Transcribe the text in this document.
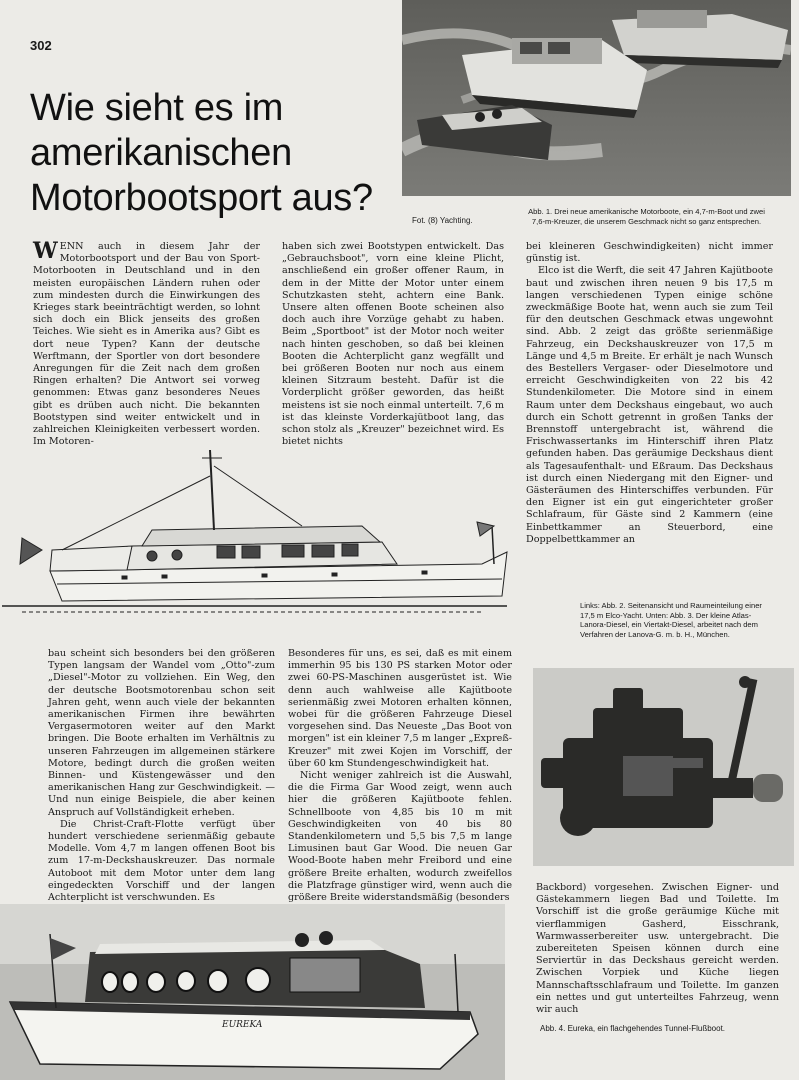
302
Wie sieht es im amerikanischen Motorbootsport aus?
Fot. (8) Yachting.
Abb. 1. Drei neue amerikanische Motorboote, ein 4,7-m-Boot und zwei 7,6-m-Kreuzer, die unserem Geschmack nicht so ganz entsprechen.

WENN auch in diesem Jahr der Motorbootsport und der Bau von Sport-Motorbooten in Deutschland und in den meisten europäischen Ländern ruhen oder zum mindesten durch die Einwirkungen des Krieges stark beeinträchtigt werden, so lohnt sich doch ein Blick jenseits des großen Teiches. Wie sieht es in Amerika aus? Gibt es dort neue Typen? Kann der deutsche Werftmann, der Sportler von dort besondere Anregungen für die Zeit nach dem großen Ringen erhalten? Die Antwort sei vorweg genommen: Etwas ganz besonderes Neues gibt es drüben auch nicht. Die bekannten Bootstypen sind weiter entwickelt und in zahlreichen Kleinigkeiten verbessert worden. Im Motoren-

haben sich zwei Bootstypen entwickelt. Das „Gebrauchsboot", vorn eine kleine Plicht, anschließend ein großer offener Raum, in dem in der Mitte der Motor unter einem Schutzkasten steht, achtern eine Bank. Unsere alten offenen Boote scheinen also doch auch ihre Vorzüge gehabt zu haben. Beim „Sportboot" ist der Motor noch weiter nach hinten geschoben, so daß bei kleinen Booten die Achterplicht ganz wegfällt und bei größeren Booten nur noch aus einem kleinen Sitzraum besteht. Dafür ist die Vorderplicht größer geworden, das heißt meistens ist sie noch einmal unterteilt. 7,6 m ist das kleinste Vorderkajütboot lang, das schon stolz als „Kreuzer" bezeichnet wird. Es bietet nichts

bei kleineren Geschwindigkeiten) nicht immer günstig ist.

Elco ist die Werft, die seit 47 Jahren Kajütboote baut und zwischen ihren neuen 9 bis 17,5 m langen verschiedenen Typen einige schöne zweckmäßige Boote hat, wenn auch sie zum Teil für den deutschen Geschmack etwas ungewohnt sind. Abb. 2 zeigt das größte serienmäßige Fahrzeug, ein Deckshauskreuzer von 17,5 m Länge und 4,5 m Breite. Er erhält je nach Wunsch des Bestellers Vergaser- oder Dieselmotore und erreicht Geschwindigkeiten von 22 bis 42 Stundenkilometer. Die Motore sind in einem Raum unter dem Deckshaus eingebaut, wo auch durch ein Schott getrennt in großen Tanks der Brennstoff untergebracht ist, während die Frischwassertanks im Hinterschiff ihren Platz gefunden haben. Das geräumige Deckshaus dient als Tagesaufenthalt- und Eßraum. Das Deckshaus ist durch einen Niedergang mit den Eigner- und Gästeräumen des Hinterschiffes verbunden. Für den Eigner ist ein gut eingerichteter großer Schlafraum, für Gäste sind 2 Kammern (eine Einbettkammer an Steuerbord, eine Doppelbettkammer an

Links: Abb. 2. Seitenansicht und Raumeinteilung einer 17,5 m Elco-Yacht. Unten: Abb. 3. Der kleine Atlas-Lanora-Diesel, ein Viertakt-Diesel, arbeitet nach dem Verfahren der Lanova-G. m. b. H., München.

bau scheint sich besonders bei den größeren Typen langsam der Wandel vom „Otto"-zum „Diesel"-Motor zu vollziehen. Ein Weg, den der deutsche Bootsmotorenbau schon seit Jahren geht, wenn auch viele der bekannten amerikanischen Firmen ihre bewährten Vergasermotoren weiter auf den Markt bringen. Die Boote erhalten im Verhältnis zu unseren Fahrzeugen im allgemeinen stärkere Motore, bedingt durch die großen weiten Binnen- und Küstengewässer und den amerikanischen Hang zur Geschwindigkeit. — Und nun einige Beispiele, die aber keinen Anspruch auf Vollständigkeit erheben.

Die Christ-Craft-Flotte verfügt über hundert verschiedene serienmäßig gebaute Modelle. Vom 4,7 m langen offenen Boot bis zum 17-m-Deckshauskreuzer. Das normale Autoboot mit dem Motor unter dem lang eingedeckten Vorschiff und der langen Achterplicht ist verschwunden. Es

Besonderes für uns, es sei, daß es mit einem immerhin 95 bis 130 PS starken Motor oder zwei 60-PS-Maschinen ausgerüstet ist. Wie denn auch wahlweise alle Kajütboote serienmäßig zwei Motoren erhalten können, wobei für die größeren Fahrzeuge Diesel vorgesehen sind. Das Neueste „Das Boot von morgen" ist ein kleiner 7,5 m langer „Expreß-Kreuzer" mit zwei Kojen im Vorschiff, der über 60 km Stundengeschwindigkeit hat.

Nicht weniger zahlreich ist die Auswahl, die die Firma Gar Wood zeigt, wenn auch hier die größeren Kajütboote fehlen. Schnellboote von 4,85 bis 10 m mit Geschwindigkeiten von 40 bis 80 Standenkilometern und 5,5 bis 7,5 m lange Limusinen baut Gar Wood. Die neuen Gar Wood-Boote haben mehr Freibord und eine größere Breite erhalten, wodurch zweifellos die Platzfrage günstiger wird, wenn auch die größere Breite widerstandsmäßig (besonders

Backbord) vorgesehen. Zwischen Eigner- und Gästekammern liegen Bad und Toilette. Im Vorschiff ist die große geräumige Küche mit vierflammigen Gasherd, Eisschrank, Warmwasserbereiter usw. untergebracht. Die zubereiteten Speisen können durch eine Serviertür in das Deckshaus gereicht werden. Zwischen Vorpiek und Küche liegen Mannschaftsschlafraum und Toilette. Im ganzen ein nettes und gut unterteiltes Fahrzeug, wenn wir auch

EUREKA	Abb. 4. Eureka, ein flachgehendes Tunnel-Flußboot.
